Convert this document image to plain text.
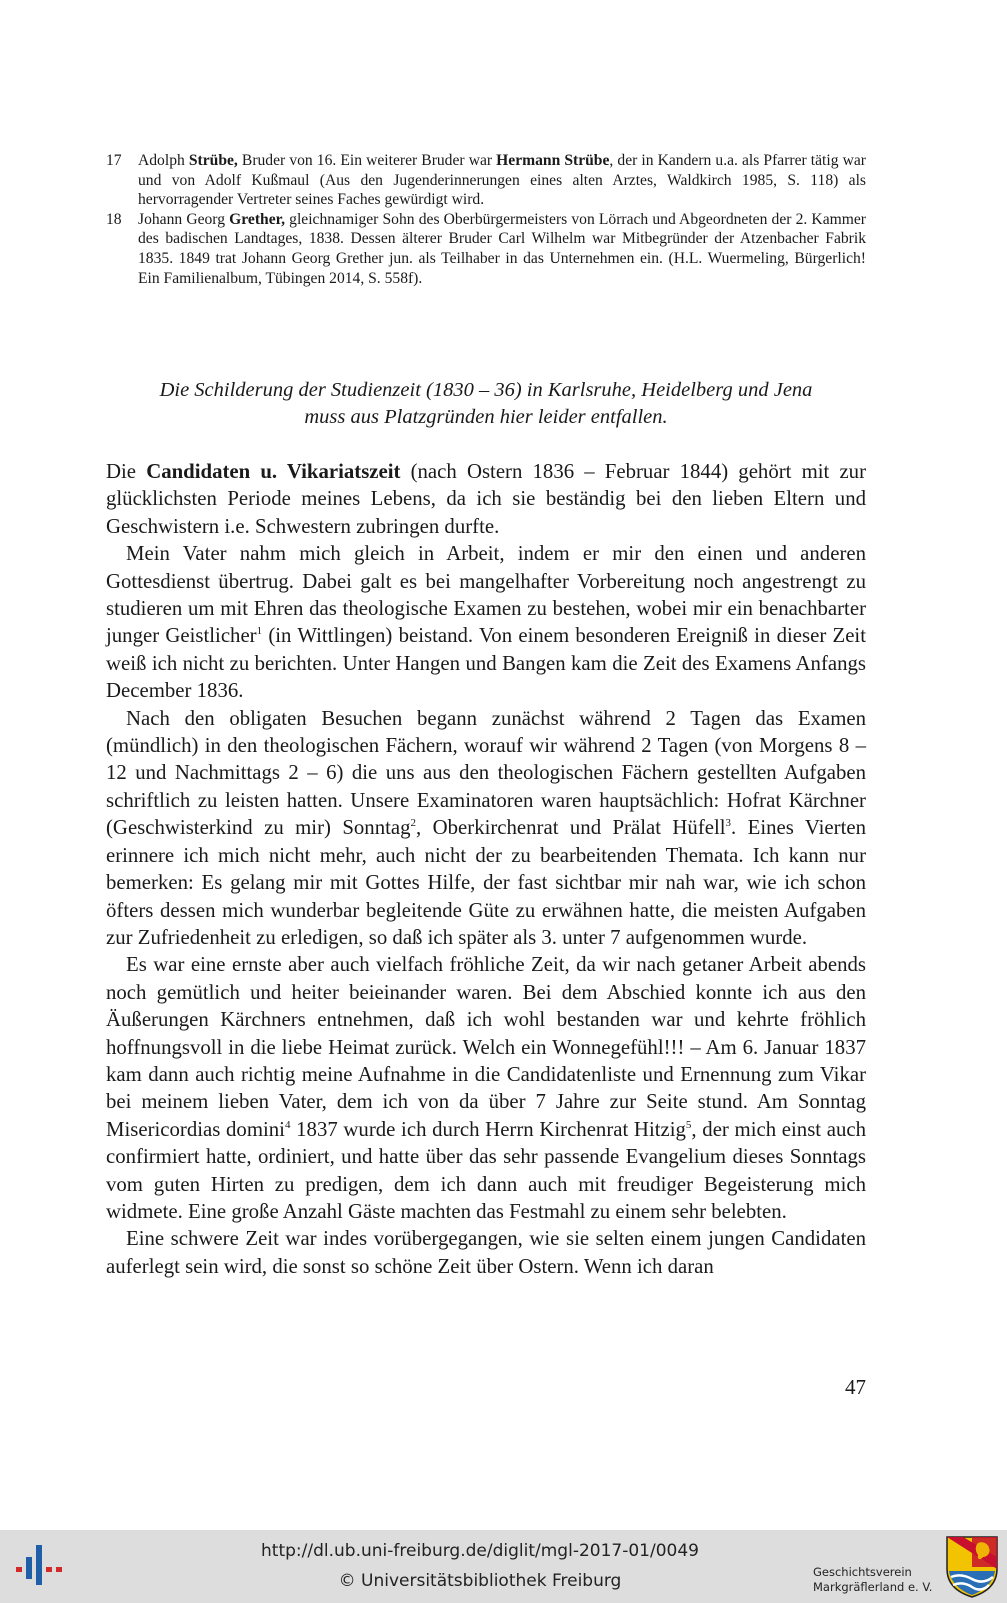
17	Adolph Strübe, Bruder von 16. Ein weiterer Bruder war Hermann Strübe, der in Kandern u.a. als Pfarrer tätig war und von Adolf Kußmaul (Aus den Jugenderinnerungen eines alten Arztes, Waldkirch 1985, S. 118) als hervorragender Vertreter seines Faches gewürdigt wird.
18	Johann Georg Grether, gleichnamiger Sohn des Oberbürgermeisters von Lörrach und Abgeordneten der 2. Kammer des badischen Landtages, 1838. Dessen älterer Bruder Carl Wilhelm war Mitbegründer der Atzenbacher Fabrik 1835. 1849 trat Johann Georg Grether jun. als Teilhaber in das Unternehmen ein. (H.L. Wuermeling, Bürgerlich! Ein Familienalbum, Tübingen 2014, S. 558f).
Die Schilderung der Studienzeit (1830 – 36) in Karlsruhe, Heidelberg und Jena
muss aus Platzgründen hier leider entfallen.

Die Candidaten u. Vikariatszeit (nach Ostern 1836 – Februar 1844) gehört mit zur glücklichsten Periode meines Lebens, da ich sie beständig bei den lieben Eltern und Geschwistern i.e. Schwestern zubringen durfte.

Mein Vater nahm mich gleich in Arbeit, indem er mir den einen und anderen Gottesdienst übertrug. Dabei galt es bei mangelhafter Vorbereitung noch angestrengt zu studieren um mit Ehren das theologische Examen zu bestehen, wobei mir ein benachbarter junger Geistlicher$^1$ (in Wittlingen) beistand. Von einem besonderen Ereigniß in dieser Zeit weiß ich nicht zu berichten. Unter Hangen und Bangen kam die Zeit des Examens Anfangs December 1836.

Nach den obligaten Besuchen begann zunächst während 2 Tagen das Examen (mündlich) in den theologischen Fächern, worauf wir während 2 Tagen (von Morgens 8 – 12 und Nachmittags 2 – 6) die uns aus den theologischen Fächern gestellten Aufgaben schriftlich zu leisten hatten. Unsere Examinatoren waren hauptsächlich: Hofrat Kärchner (Geschwisterkind zu mir) Sonntag$^2$, Oberkirchenrat und Prälat Hüfell$^3$. Eines Vierten erinnere ich mich nicht mehr, auch nicht der zu bearbeitenden Themata. Ich kann nur bemerken: Es gelang mir mit Gottes Hilfe, der fast sichtbar mir nah war, wie ich schon öfters dessen mich wunderbar begleitende Güte zu erwähnen hatte, die meisten Aufgaben zur Zufriedenheit zu erledigen, so daß ich später als 3. unter 7 aufgenommen wurde.

Es war eine ernste aber auch vielfach fröhliche Zeit, da wir nach getaner Arbeit abends noch gemütlich und heiter beieinander waren. Bei dem Abschied konnte ich aus den Äußerungen Kärchners entnehmen, daß ich wohl bestanden war und kehrte fröhlich hoffnungsvoll in die liebe Heimat zurück. Welch ein Wonnegefühl!!! – Am 6. Januar 1837 kam dann auch richtig meine Aufnahme in die Candidatenliste und Ernennung zum Vikar bei meinem lieben Vater, dem ich von da über 7 Jahre zur Seite stund. Am Sonntag Misericordias domini$^4$ 1837 wurde ich durch Herrn Kirchenrat Hitzig$^5$, der mich einst auch confirmiert hatte, ordiniert, und hatte über das sehr passende Evangelium dieses Sonntags vom guten Hirten zu predigen, dem ich dann auch mit freudiger Begeisterung mich widmete. Eine große Anzahl Gäste machten das Festmahl zu einem sehr belebten.

Eine schwere Zeit war indes vorübergegangen, wie sie selten einem jungen Candidaten auferlegt sein wird, die sonst so schöne Zeit über Ostern. Wenn ich daran

47
http://dl.ub.uni-freiburg.de/diglit/mgl-2017-01/0049
© Universitätsbibliothek Freiburg	Geschichtsverein
Markgräflerland e. V.
